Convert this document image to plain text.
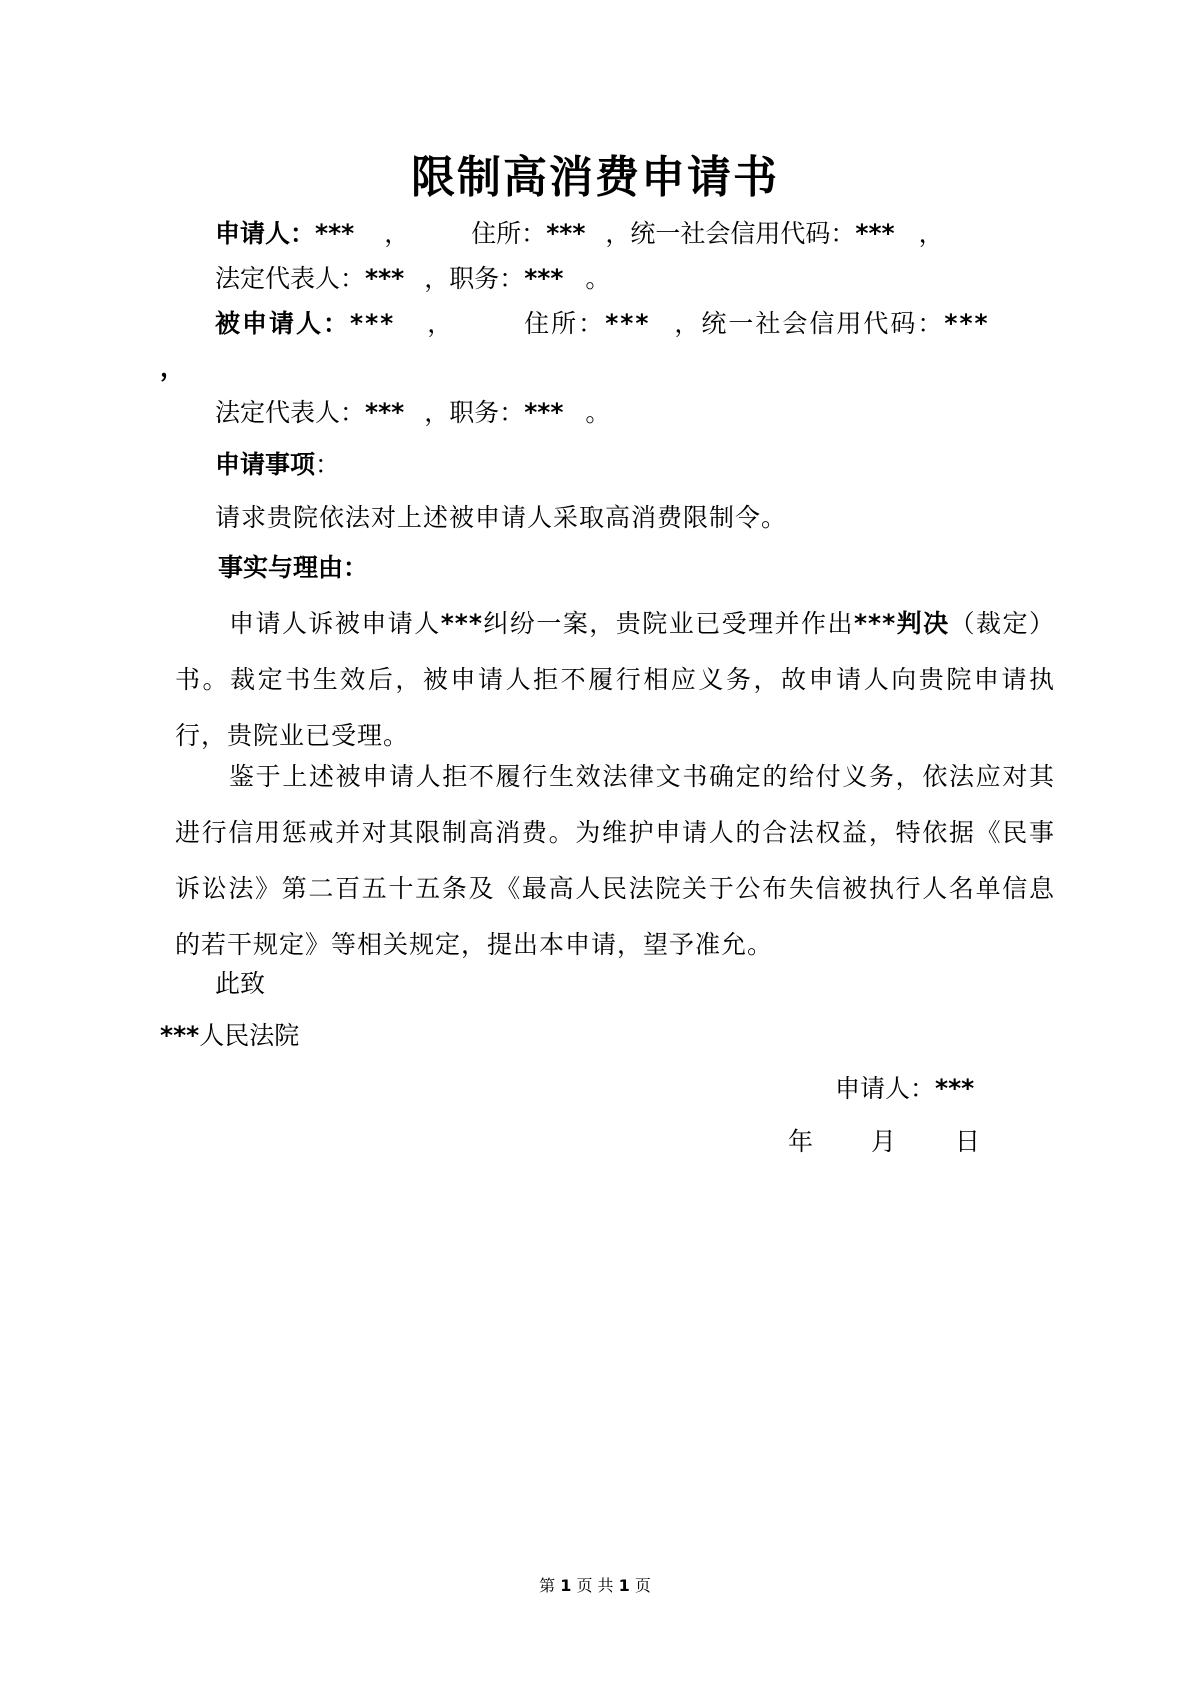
限制高消费申请书
申请人：*** ， 住所：*** ，统一社会信用代码：*** ，
法定代表人：*** ，职务：*** 。
被申请人：*** ，	住所：*** ，统一社会信用代码：***
，
法定代表人：*** ，职务：*** 。
申请事项：
请求贵院依法对上述被申请人采取高消费限制令。
事实与理由：
申请人诉被申请人***纠纷一案，贵院业已受理并作出***判决（裁定）书。裁定书生效后，被申请人拒不履行相应义务，故申请人向贵院申请执行，贵院业已受理。
鉴于上述被申请人拒不履行生效法律文书确定的给付义务，依法应对其进行信用惩戒并对其限制高消费。为维护申请人的合法权益，特依据《民事诉讼法》第二百五十五条及《最高人民法院关于公布失信被执行人名单信息的若干规定》等相关规定，提出本申请，望予准允。
此致
***人民法院
申请人：***
年 月 日
第 1 页 共 1 页
